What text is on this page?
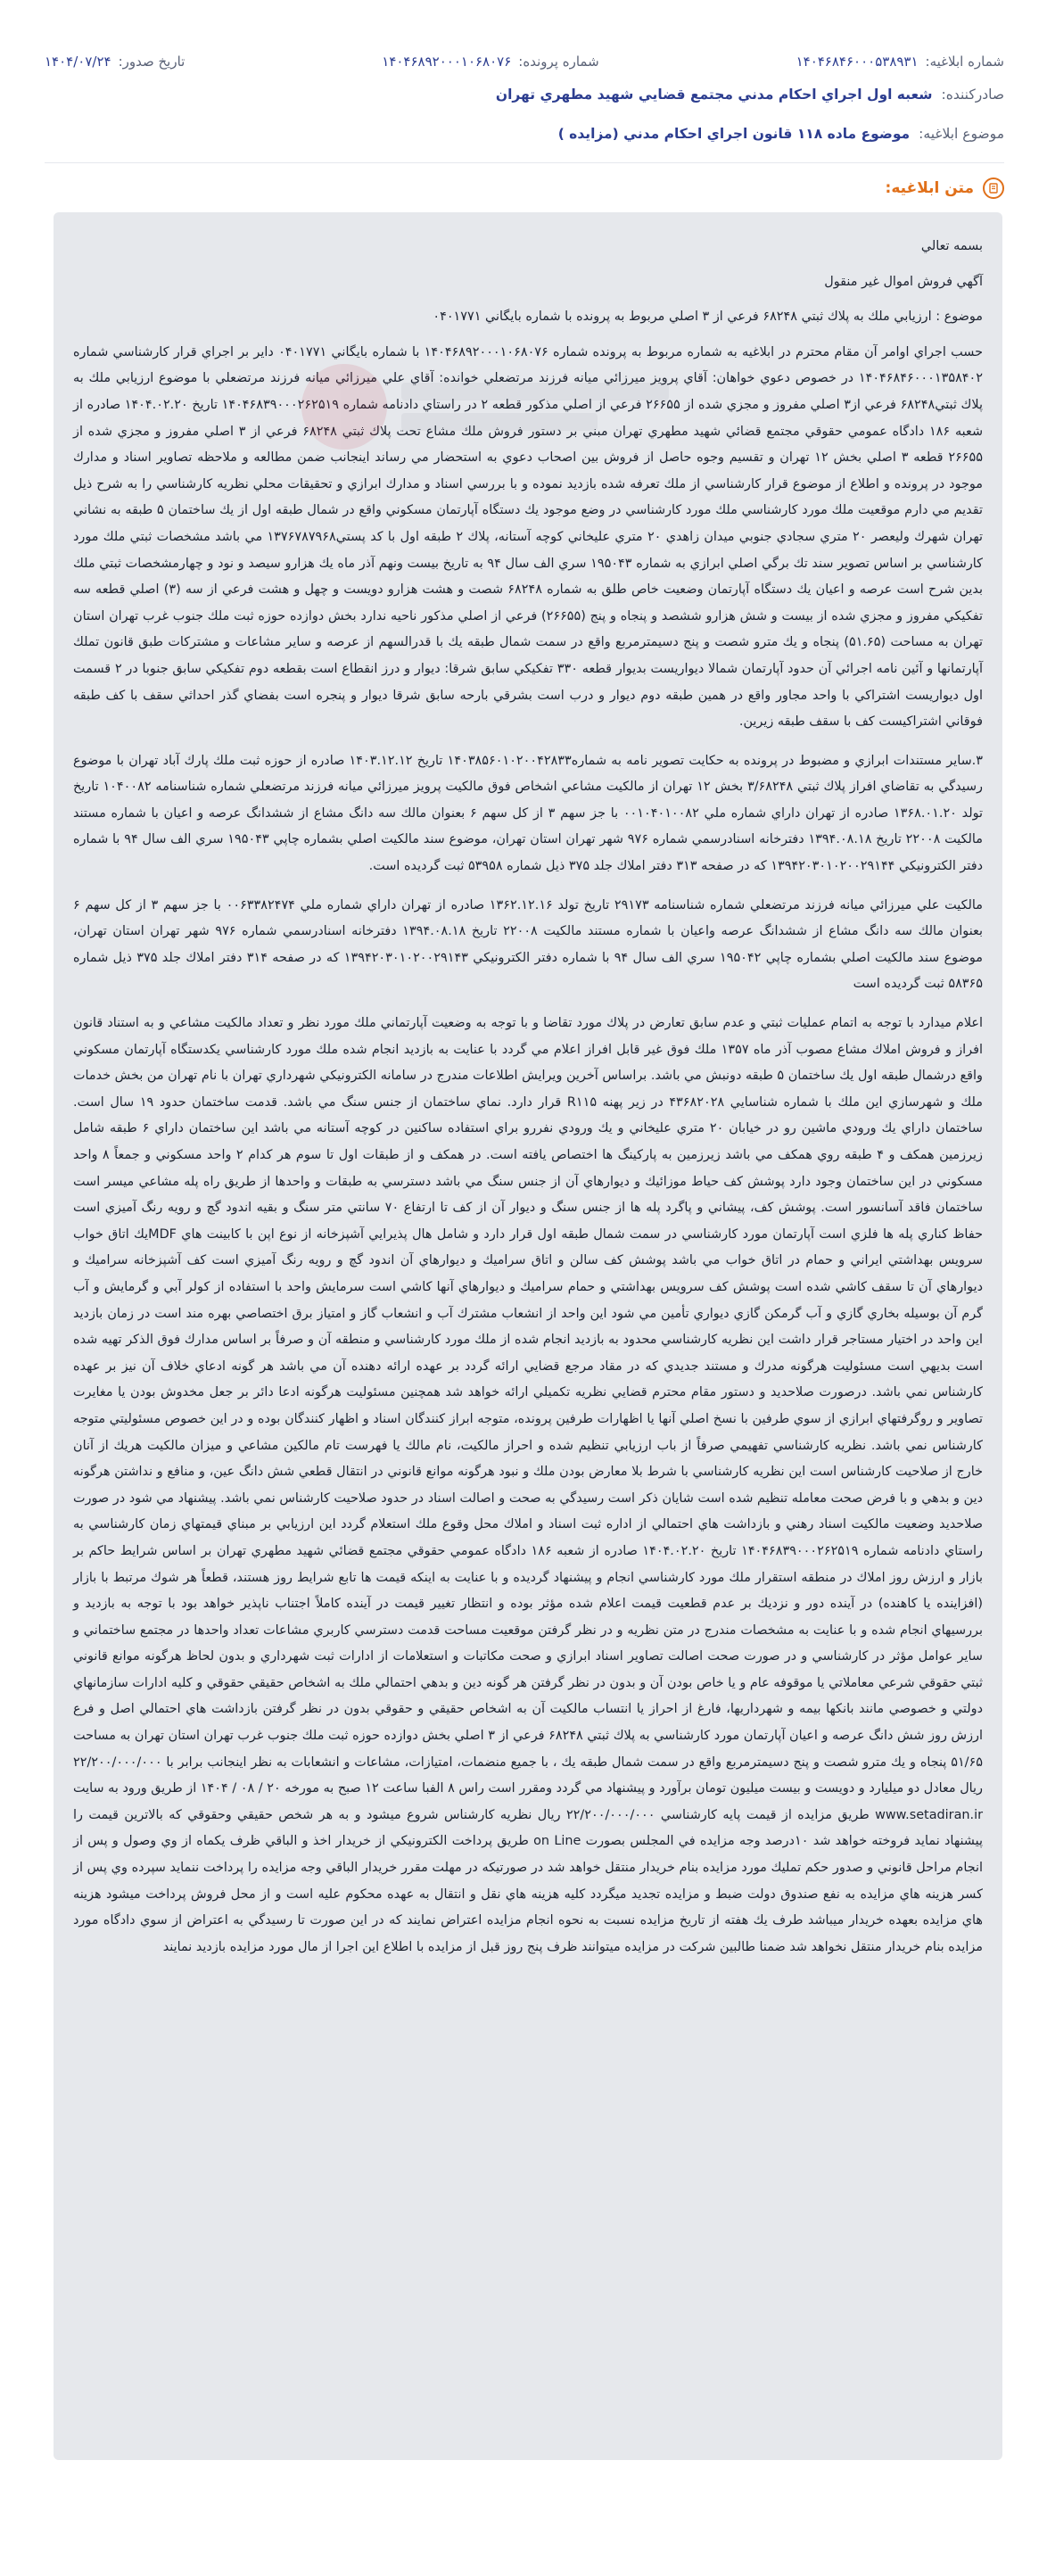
شماره ابلاغيه:
۱۴۰۴۶۸۴۶۰۰۰۵۳۸۹۳۱
شماره پرونده:
۱۴۰۴۶۸۹۲۰۰۰۱۰۶۸۰۷۶
تاريخ صدور:
۱۴۰۴/۰۷/۲۴
صادرکننده:
شعبه اول اجراي احكام مدني مجتمع قضايي شهيد مطهري تهران
موضوع ابلاغيه:
موضوع ماده ۱۱۸ قانون اجراي احكام مدني (مزايده )
متن ابلاغيه:

بسمه تعالي

آگهي فروش اموال غير منقول

موضوع : ارزيابي ملك به پلاك ثبتي ۶۸۲۴۸ فرعي از ۳ اصلي مربوط به پرونده با شماره بايگاني ۰۴۰۱۷۷۱

حسب اجراي اوامر آن مقام محترم در ابلاغيه به شماره مربوط به پرونده شماره ۱۴۰۴۶۸۹۲۰۰۰۱۰۶۸۰۷۶ با شماره بايگاني ۰۴۰۱۷۷۱ داير بر اجراي قرار كارشناسي شماره ۱۴۰۴۶۸۴۶۰۰۰۱۳۵۸۴۰۲ در خصوص دعوي خواهان: آقاي پرويز ميرزائي ميانه فرزند مرتضعلي خوانده: آقاي علي ميرزائي ميانه فرزند مرتضعلي با موضوع ارزيابي ملك به پلاك ثبتي۶۸۲۴۸ فرعي از۳ اصلي مفروز و مجزي شده از ۲۶۶۵۵ فرعي از اصلي مذكور قطعه ۲ در راستاي دادنامه شماره ۱۴۰۴۶۸۳۹۰۰۰۲۶۲۵۱۹ تاريخ ۱۴۰۴.۰۲.۲۰ صادره از شعبه ۱۸۶ دادگاه عمومي حقوقي مجتمع قضائي شهيد مطهري تهران مبني بر دستور فروش ملك مشاع تحت پلاك ثبتي ۶۸۲۴۸ فرعي از ۳ اصلي مفروز و مجزي شده از ۲۶۶۵۵ قطعه ۳ اصلي بخش ۱۲ تهران و تقسيم وجوه حاصل از فروش بين اصحاب دعوي به استحضار مي رساند اينجانب ضمن مطالعه و ملاحظه تصاوير اسناد و مدارك موجود در پرونده و اطلاع از موضوع قرار كارشناسي از ملك تعرفه شده بازديد نموده و با بررسي اسناد و مدارك ابرازي و تحقيقات محلي نظريه كارشناسي را به شرح ذيل تقديم مي دارم موقعيت ملك مورد كارشناسي ملك مورد كارشناسي در وضع موجود يك دستگاه آپارتمان مسكوني واقع در شمال طبقه اول از يك ساختمان ۵ طبقه به نشاني تهران شهرك وليعصر ۲۰ متري سجادي جنوبي ميدان زاهدي ۲۰ متري عليخاني كوچه آستانه، پلاك ۲ طبقه اول با كد پستي۱۳۷۶۷۸۷۹۶۸ مي باشد مشخصات ثبتي ملك مورد كارشناسي بر اساس تصوير سند تك برگي اصلي ابرازي به شماره ۱۹۵۰۴۳ سري الف سال ۹۴ به تاريخ بيست ونهم آذر ماه يك هزارو سيصد و نود و چهارمشخصات ثبتي ملك بدين شرح است عرصه و اعيان يك دستگاه آپارتمان وضعيت خاص طلق به شماره ۶۸۲۴۸ شصت و هشت هزارو دويست و چهل و هشت فرعي از سه (۳) اصلي قطعه سه تفكيكي مفروز و مجزي شده از بيست و شش هزارو ششصد و پنجاه و پنج (۲۶۶۵۵) فرعي از اصلي مذكور ناحيه ندارد بخش دوازده حوزه ثبت ملك جنوب غرب تهران استان تهران به مساحت (۵۱.۶۵) پنجاه و يك مترو شصت و پنج دسيمترمربع واقع در سمت شمال طبقه يك با قدرالسهم از عرصه و ساير مشاعات و مشتركات طبق قانون تملك آپارتمانها و آئين نامه اجرائي آن حدود آپارتمان شمالا ديواريست بديوار قطعه ۳۳۰ تفكيكي سابق شرقا: ديوار و درز انقطاع است بقطعه دوم تفكيكي سابق جنوبا در ۲ قسمت اول ديواريست اشتراكي با واحد مجاور واقع در همين طبقه دوم ديوار و درب است بشرقي بارحه سابق شرقا ديوار و پنجره است بفضاي گذر احداثي سقف با كف طبقه فوقاني اشتراكيست كف با سقف طبقه زيرين.

۳.ساير مستندات ابرازي و مضبوط در پرونده به حكايت تصوير نامه به شماره۱۴۰۳۸۵۶۰۱۰۲۰۰۴۲۸۳۳ تاريخ ۱۴۰۳.۱۲.۱۲ صادره از حوزه ثبت ملك پارك آباد تهران با موضوع رسيدگي به تقاضاي افراز پلاك ثبتي ۳/۶۸۲۴۸ بخش ۱۲ تهران از مالكيت مشاعي اشخاص فوق مالكيت پرويز ميرزائي ميانه فرزند مرتضعلي شماره شناسنامه ۱۰۴۰۰۸۲ تاريخ تولد ۱۳۶۸.۰۱.۲۰ صادره از تهران داراي شماره ملي ۰۰۱۰۴۰۱۰۰۸۲ با جز سهم ۳ از كل سهم ۶ بعنوان مالك سه دانگ مشاع از ششدانگ عرصه و اعيان با شماره مستند مالكيت ۲۲۰۰۸ تاريخ ۱۳۹۴.۰۸.۱۸ دفترخانه اسنادرسمي شماره ۹۷۶ شهر تهران استان تهران، موضوع سند مالكيت اصلي بشماره چاپي ۱۹۵۰۴۳ سري الف سال ۹۴ با شماره دفتر الكترونيكي ۱۳۹۴۲۰۳۰۱۰۲۰۰۲۹۱۴۴ كه در صفحه ۳۱۳ دفتر املاك جلد ۳۷۵ ذيل شماره ۵۳۹۵۸ ثبت گرديده است.

مالكيت علي ميرزائي ميانه فرزند مرتضعلي شماره شناسنامه ۲۹۱۷۳ تاريخ تولد ۱۳۶۲.۱۲.۱۶ صادره از تهران داراي شماره ملي ۰۰۶۳۳۸۲۴۷۴ با جز سهم ۳ از كل سهم ۶ بعنوان مالك سه دانگ مشاع از ششدانگ عرصه واعيان با شماره مستند مالكيت ۲۲۰۰۸ تاريخ ۱۳۹۴.۰۸.۱۸ دفترخانه اسنادرسمي شماره ۹۷۶ شهر تهران استان تهران، موضوع سند مالكيت اصلي بشماره چاپي ۱۹۵۰۴۲ سري الف سال ۹۴ با شماره دفتر الكترونيكي ۱۳۹۴۲۰۳۰۱۰۲۰۰۲۹۱۴۳ كه در صفحه ۳۱۴ دفتر املاك جلد ۳۷۵ ذيل شماره ۵۸۳۶۵ ثبت گرديده است

اعلام ميدارد با توجه به اتمام عمليات ثبتي و عدم سابق تعارض در پلاك مورد تقاضا و با توجه به وضعيت آپارتماني ملك مورد نظر و تعداد مالكيت مشاعي و به استناد قانون افراز و فروش املاك مشاع مصوب آذر ماه ۱۳۵۷ ملك فوق غير قابل افراز اعلام مي گردد با عنايت به بازديد انجام شده ملك مورد كارشناسي يكدستگاه آپارتمان مسكوني واقع درشمال طبقه اول يك ساختمان ۵ طبقه دونبش مي باشد. براساس آخرين ويرايش اطلاعات مندرج در سامانه الكترونيكي شهرداري تهران با نام تهران من بخش خدمات ملك و شهرسازي اين ملك با شماره شناسايي ۴۳۶۸۲۰۲۸ در زير پهنه R۱۱۵ قرار دارد. نماي ساختمان از جنس سنگ مي باشد. قدمت ساختمان حدود ۱۹ سال است. ساختمان داراي يك ورودي ماشين رو در خيابان ۲۰ متري عليخاني و يك ورودي نفررو براي استفاده ساكنين در كوچه آستانه مي باشد اين ساختمان داراي ۶ طبقه شامل زيرزمين همكف و ۴ طبقه روي همكف مي باشد زيرزمين به پاركينگ ها اختصاص يافته است. در همكف و از طبقات اول تا سوم هر كدام ۲ واحد مسكوني و جمعاً ۸ واحد مسكوني در اين ساختمان وجود دارد پوشش كف حياط موزائيك و ديوارهاي آن از جنس سنگ مي باشد دسترسي به طبقات و واحدها از طريق راه پله مشاعي ميسر است ساختمان فاقد آسانسور است. پوشش كف، پيشاني و پاگرد پله ها از جنس سنگ و ديوار آن از كف تا ارتفاع ۷۰ سانتي متر سنگ و بقيه اندود گچ و رويه رنگ آميزي است حفاظ كناري پله ها فلزي است آپارتمان مورد كارشناسي در سمت شمال طبقه اول قرار دارد و شامل هال پذيرايي آشپزخانه از نوع اپن با كابينت هاي MDFيك اتاق خواب سرويس بهداشتي ايراني و حمام در اتاق خواب مي باشد پوشش كف سالن و اتاق سراميك و ديوارهاي آن اندود گچ و رويه رنگ آميزي است كف آشپزخانه سراميك و ديوارهاي آن تا سقف كاشي شده است پوشش كف سرويس بهداشتي و حمام سراميك و ديوارهاي آنها كاشي است سرمايش واحد با استفاده از كولر آبي و گرمايش و آب گرم آن بوسيله بخاري گازي و آب گرمكن گازي ديواري تأمين مي شود اين واحد از انشعاب مشترك آب و انشعاب گاز و امتياز برق اختصاصي بهره مند است در زمان بازديد اين واحد در اختيار مستاجر قرار داشت اين نظريه كارشناسي محدود به بازديد انجام شده از ملك مورد كارشناسي و منطقه آن و صرفاً بر اساس مدارك فوق الذكر تهيه شده است بديهي است مسئوليت هرگونه مدرك و مستند جديدي كه در مقاد مرجع قضايي ارائه گردد بر عهده ارائه دهنده آن مي باشد هر گونه ادعاي خلاف آن نيز بر عهده كارشناس نمي باشد. درصورت صلاحديد و دستور مقام محترم قضايي نظريه تكميلي ارائه خواهد شد همچنين مسئوليت هرگونه ادعا دائر بر جعل مخدوش بودن يا مغايرت تصاوير و روگرفتهاي ابرازي از سوي طرفين با نسخ اصلي آنها يا اظهارات طرفين پرونده، متوجه ابراز كنندگان اسناد و اظهار كنندگان بوده و در اين خصوص مسئوليتي متوجه كارشناس نمي باشد. نظريه كارشناسي تفهيمي صرفاً از باب ارزيابي تنظيم شده و احراز مالكيت، نام مالك يا فهرست تام مالكين مشاعي و ميزان مالكيت هريك از آنان خارج از صلاحيت كارشناس است اين نظريه كارشناسي با شرط بلا معارض بودن ملك و نبود هرگونه موانع قانوني در انتقال قطعي شش دانگ عين، و منافع و نداشتن هرگونه دين و بدهي و با فرض صحت معامله تنظيم شده است شايان ذكر است رسيدگي به صحت و اصالت اسناد در حدود صلاحيت كارشناس نمي باشد. پيشنهاد مي شود در صورت صلاحديد وضعيت مالكيت اسناد رهني و بازداشت هاي احتمالي از اداره ثبت اسناد و املاك محل وقوع ملك استعلام گردد اين ارزيابي بر مبناي قيمتهاي زمان كارشناسي به راستاي دادنامه شماره ۱۴۰۴۶۸۳۹۰۰۰۲۶۲۵۱۹ تاريخ ۱۴۰۴.۰۲.۲۰ صادره از شعبه ۱۸۶ دادگاه عمومي حقوقي مجتمع قضائي شهيد مطهري تهران بر اساس شرايط حاكم بر بازار و ارزش روز املاك در منطقه استقرار ملك مورد كارشناسي انجام و پيشنهاد گرديده و با عنايت به اينكه قيمت ها تابع شرايط روز هستند، قطعاً هر شوك مرتبط با بازار (افزاينده يا كاهنده) در آينده دور و نزديك بر عدم قطعيت قيمت اعلام شده مؤثر بوده و انتظار تغيير قيمت در آينده كاملاً اجتناب ناپذير خواهد بود با توجه به بازديد و بررسيهاي انجام شده و با عنايت به مشخصات مندرج در متن نظريه و در نظر گرفتن موقعيت مساحت قدمت دسترسي كاربري مشاعات تعداد واحدها در مجتمع ساختماني و ساير عوامل مؤثر در كارشناسي و در صورت صحت اصالت تصاوير اسناد ابرازي و صحت مكاتبات و استعلامات از ادارات ثبت شهرداري و بدون لحاظ هرگونه موانع قانوني ثبتي حقوقي شرعي معاملاتي يا موقوفه عام و يا خاص بودن آن و بدون در نظر گرفتن هر گونه دين و بدهي احتمالي ملك به اشخاص حقيقي حقوقي و كليه ادارات سازمانهاي دولتي و خصوصي مانند بانكها بيمه و شهرداريها، فارغ از احراز يا انتساب مالكيت آن به اشخاص حقيقي و حقوقي بدون در نظر گرفتن بازداشت هاي احتمالي اصل و فرع ارزش روز شش دانگ عرصه و اعيان آپارتمان مورد كارشناسي به پلاك ثبتي ۶۸۲۴۸ فرعي از ۳ اصلي بخش دوازده حوزه ثبت ملك جنوب غرب تهران استان تهران به مساحت ۵۱/۶۵ پنجاه و يك مترو شصت و پنج دسيمترمربع واقع در سمت شمال طبقه يك ، با جميع منضمات، امتيازات، مشاعات و انشعابات به نظر اينجانب برابر با ۲۲/۲۰۰/۰۰۰/۰۰۰ ريال معادل دو ميليارد و دويست و بيست ميليون تومان برآورد و پيشنهاد مي گردد ومقرر است راس ۸ الفبا ساعت ۱۲ صبح به مورخه ۲۰ / ۰۸ / ۱۴۰۴ از طريق ورود به سايت www.setadiran.ir طريق مزايده از قيمت پايه كارشناسي ۲۲/۲۰۰/۰۰۰/۰۰۰ ريال نظريه كارشناس شروع ميشود و به هر شخص حقيقي وحقوقي كه بالاترين قيمت را پيشنهاد نمايد فروخته خواهد شد ۱۰درصد وجه مزايده في المجلس بصورت on Line طريق پرداخت الكترونيكي از خريدار اخذ و الباقي ظرف يكماه از وي وصول و پس از انجام مراحل قانوني و صدور حكم تمليك مورد مزايده بنام خريدار منتقل خواهد شد در صورتيكه در مهلت مقرر خريدار الباقي وجه مزايده را پرداخت ننمايد سپرده وي پس از كسر هزينه هاي مزايده به نفع صندوق دولت ضبط و مزايده تجديد ميگردد كليه هزينه هاي نقل و انتقال به عهده محكوم عليه است و از محل فروش پرداخت ميشود هزينه هاي مزايده بعهده خريدار ميباشد طرف يك هفته از تاريخ مزايده نسبت به نحوه انجام مزايده اعتراض نمايند كه در اين صورت تا رسيدگي به اعتراض از سوي دادگاه مورد مزايده بنام خريدار منتقل نخواهد شد ضمنا طالبين شركت در مزايده ميتوانند ظرف پنج روز قبل از مزايده با اطلاع اين اجرا از مال مورد مزايده بازديد نمايند
